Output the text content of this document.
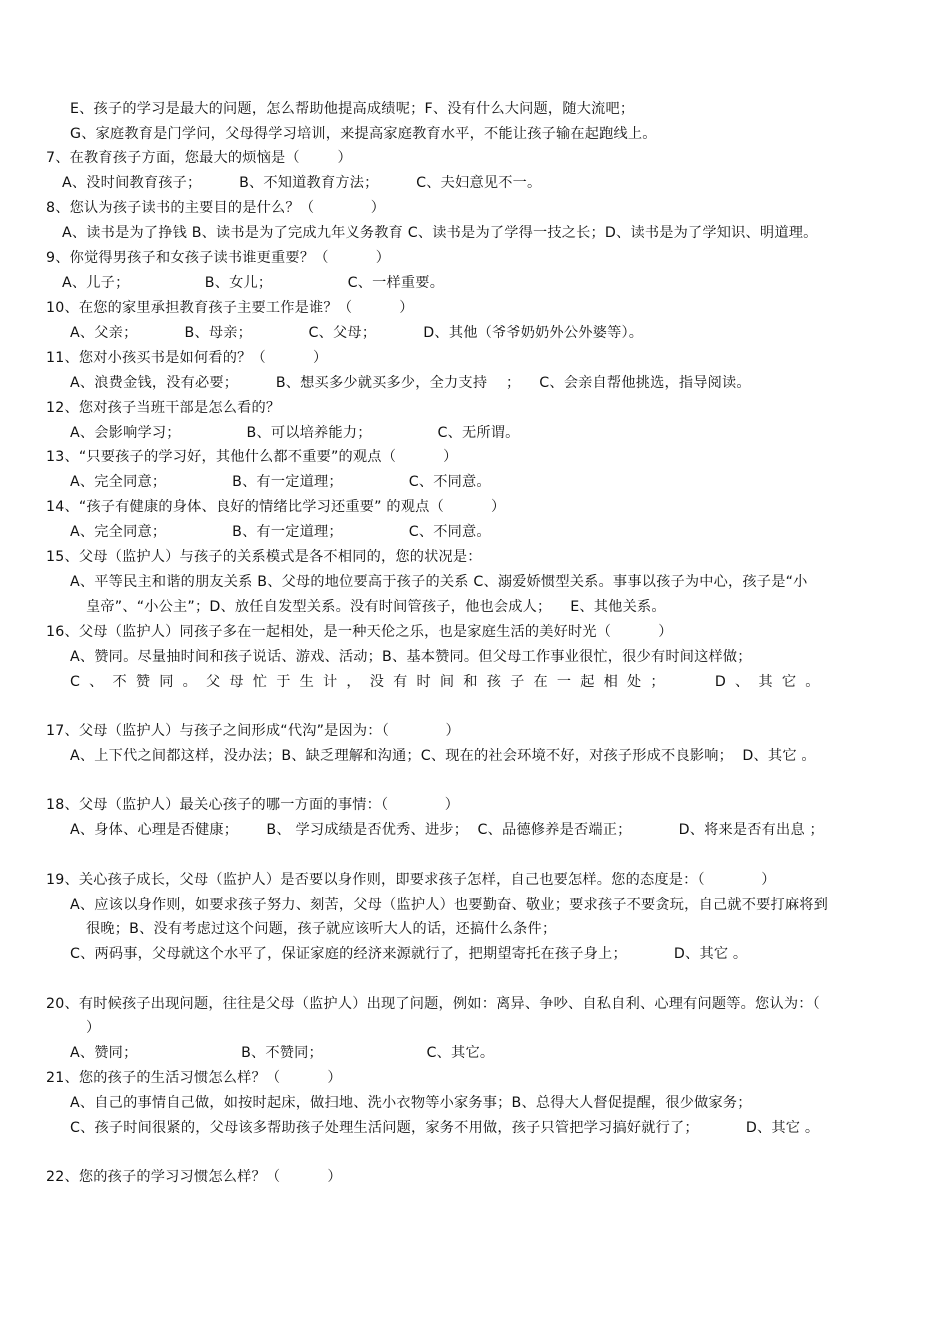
E、孩子的学习是最大的问题，怎么帮助他提高成绩呢；F、没有什么大问题，随大流吧；
G、家庭教育是门学问，父母得学习培训，来提高家庭教育水平，不能让孩子输在起跑线上。
7、在教育孩子方面，您最大的烦恼是（        ）
A、没时间教育孩子；        B、不知道教育方法；        C、夫妇意见不一。
8、您认为孩子读书的主要目的是什么？（            ）
A、读书是为了挣钱 B、读书是为了完成九年义务教育 C、读书是为了学得一技之长；D、读书是为了学知识、明道理。
9、你觉得男孩子和女孩子读书谁更重要？（          ）
A、儿子；                B、女儿；                C、一样重要。
10、在您的家里承担教育孩子主要工作是谁？（          ）
A、父亲；          B、母亲；            C、父母；          D、其他（爷爷奶奶外公外婆等）。
11、您对小孩买书是如何看的？（          ）
A、浪费金钱，没有必要；        B、想买多少就买多少，全力支持    ；    C、会亲自帮他挑选，指导阅读。
12、您对孩子当班干部是怎么看的？
A、会影响学习；              B、可以培养能力；              C、无所谓。
13、“只要孩子的学习好，其他什么都不重要”的观点（          ）
A、完全同意；              B、有一定道理；              C、不同意。
14、“孩子有健康的身体、良好的情绪比学习还重要” 的观点（          ）
A、完全同意；              B、有一定道理；              C、不同意。
15、父母（监护人）与孩子的关系模式是各不相同的，您的状况是：
A、平等民主和谐的朋友关系 B、父母的地位要高于孩子的关系 C、溺爱娇惯型关系。事事以孩子为中心，孩子是“小
皇帝”、“小公主”；D、放任自发型关系。没有时间管孩子，他也会成人；    E、其他关系。
16、父母（监护人）同孩子多在一起相处，是一种天伦之乐，也是家庭生活的美好时光（          ）
A、赞同。尽量抽时间和孩子说话、游戏、活动；B、基本赞同。但父母工作事业很忙，很少有时间这样做；
C、不赞同。父母忙于生计，没有时间和孩子在一起相处；   D、其它。
17、父母（监护人）与孩子之间形成“代沟”是因为：（            ）
A、上下代之间都这样，没办法；B、缺乏理解和沟通；C、现在的社会环境不好，对孩子形成不良影响；  D、其它 。
18、父母（监护人）最关心孩子的哪一方面的事情：（            ）
A、身体、心理是否健康；      B、 学习成绩是否优秀、进步；  C、品德修养是否端正；          D、将来是否有出息 ；
19、关心孩子成长，父母（监护人）是否要以身作则，即要求孩子怎样，自己也要怎样。您的态度是：（            ）
A、应该以身作则，如要求孩子努力、刻苦，父母（监护人）也要勤奋、敬业；要求孩子不要贪玩，自己就不要打麻将到
很晚；B、没有考虑过这个问题，孩子就应该听大人的话，还搞什么条件；
C、两码事，父母就这个水平了，保证家庭的经济来源就行了，把期望寄托在孩子身上；          D、其它 。
20、有时候孩子出现问题，往往是父母（监护人）出现了问题，例如：离异、争吵、自私自利、心理有问题等。您认为：（
）
A、赞同；                      B、不赞同；                      C、其它。
21、您的孩子的生活习惯怎么样？（          ）
A、自己的事情自己做，如按时起床，做扫地、洗小衣物等小家务事；B、总得大人督促提醒，很少做家务；
C、孩子时间很紧的，父母该多帮助孩子处理生活问题，家务不用做，孩子只管把学习搞好就行了；          D、其它 。
22、您的孩子的学习习惯怎么样？（          ）
